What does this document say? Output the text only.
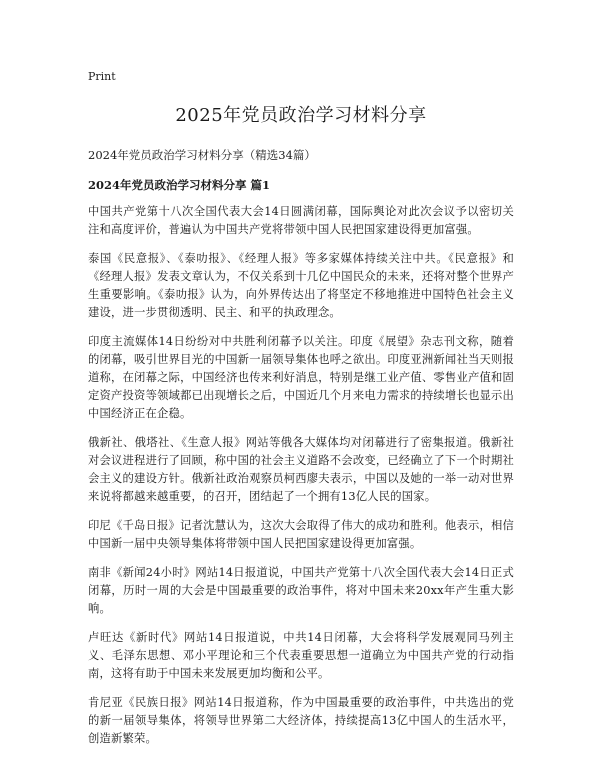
Print
2025年党员政治学习材料分享
2024年党员政治学习材料分享（精选34篇）
2024年党员政治学习材料分享 篇1

中国共产党第十八次全国代表大会14日圆满闭幕，国际舆论对此次会议予以密切关注和高度评价，普遍认为中国共产党将带领中国人民把国家建设得更加富强。

泰国《民意报》、《泰叻报》、《经理人报》等多家媒体持续关注中共。《民意报》和《经理人报》发表文章认为，不仅关系到十几亿中国民众的未来，还将对整个世界产生重要影响。《泰叻报》认为，向外界传达出了将坚定不移地推进中国特色社会主义建设，进一步贯彻透明、民主、和平的执政理念。

印度主流媒体14日纷纷对中共胜利闭幕予以关注。印度《展望》杂志刊文称，随着的闭幕，吸引世界目光的中国新一届领导集体也呼之欲出。印度亚洲新闻社当天则报道称，在闭幕之际，中国经济也传来利好消息，特别是继工业产值、零售业产值和固定资产投资等领域都已出现增长之后，中国近几个月来电力需求的持续增长也显示出中国经济正在企稳。

俄新社、俄塔社、《生意人报》网站等俄各大媒体均对闭幕进行了密集报道。俄新社对会议进程进行了回顾，称中国的社会主义道路不会改变，已经确立了下一个时期社会主义的建设方针。俄新社政治观察员柯西廖夫表示，中国以及她的一举一动对世界来说将都越来越重要，的召开，团结起了一个拥有13亿人民的国家。

印尼《千岛日报》记者沈慧认为，这次大会取得了伟大的成功和胜利。他表示，相信中国新一届中央领导集体将带领中国人民把国家建设得更加富强。

南非《新闻24小时》网站14日报道说，中国共产党第十八次全国代表大会14日正式闭幕，历时一周的大会是中国最重要的政治事件，将对中国未来20xx年产生重大影响。

卢旺达《新时代》网站14日报道说，中共14日闭幕，大会将科学发展观同马列主义、毛泽东思想、邓小平理论和三个代表重要思想一道确立为中国共产党的行动指南，这将有助于中国未来发展更加均衡和公平。

肯尼亚《民族日报》网站14日报道称，作为中国最重要的政治事件，中共选出的党的新一届领导集体，将领导世界第二大经济体，持续提高13亿中国人的生活水平，创造新繁荣。
